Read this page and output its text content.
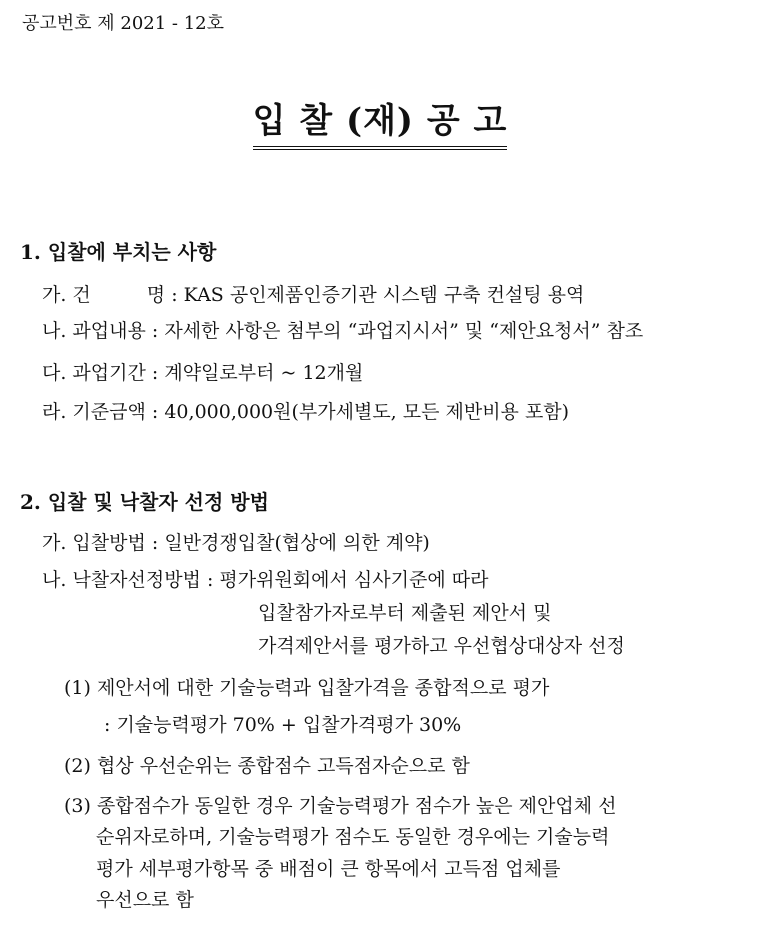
공고번호 제 2021 - 12호
입 찰 (재) 공 고
1. 입찰에 부치는 사항
가. 건	명 : KAS 공인제품인증기관 시스템 구축 컨설팅 용역
나. 과업내용 : 자세한 사항은 첨부의 “과업지시서” 및 “제안요청서” 참조
다. 과업기간 : 계약일로부터 ~ 12개월
라. 기준금액 : 40,000,000원(부가세별도, 모든 제반비용 포함)
2. 입찰 및 낙찰자 선정 방법
가. 입찰방법 : 일반경쟁입찰(협상에 의한 계약)
나. 낙찰자선정방법 : 평가위원회에서 심사기준에 따라
입찰참가자로부터 제출된 제안서 및
가격제안서를 평가하고 우선협상대상자 선정
(1) 제안서에 대한 기술능력과 입찰가격을 종합적으로 평가
: 기술능력평가 70% + 입찰가격평가 30%
(2) 협상 우선순위는 종합점수 고득점자순으로 함
(3) 종합점수가 동일한 경우 기술능력평가 점수가 높은 제안업체 선
순위자로하며, 기술능력평가 점수도 동일한 경우에는 기술능력
평가 세부평가항목 중 배점이 큰 항목에서 고득점 업체를
우선으로 함
